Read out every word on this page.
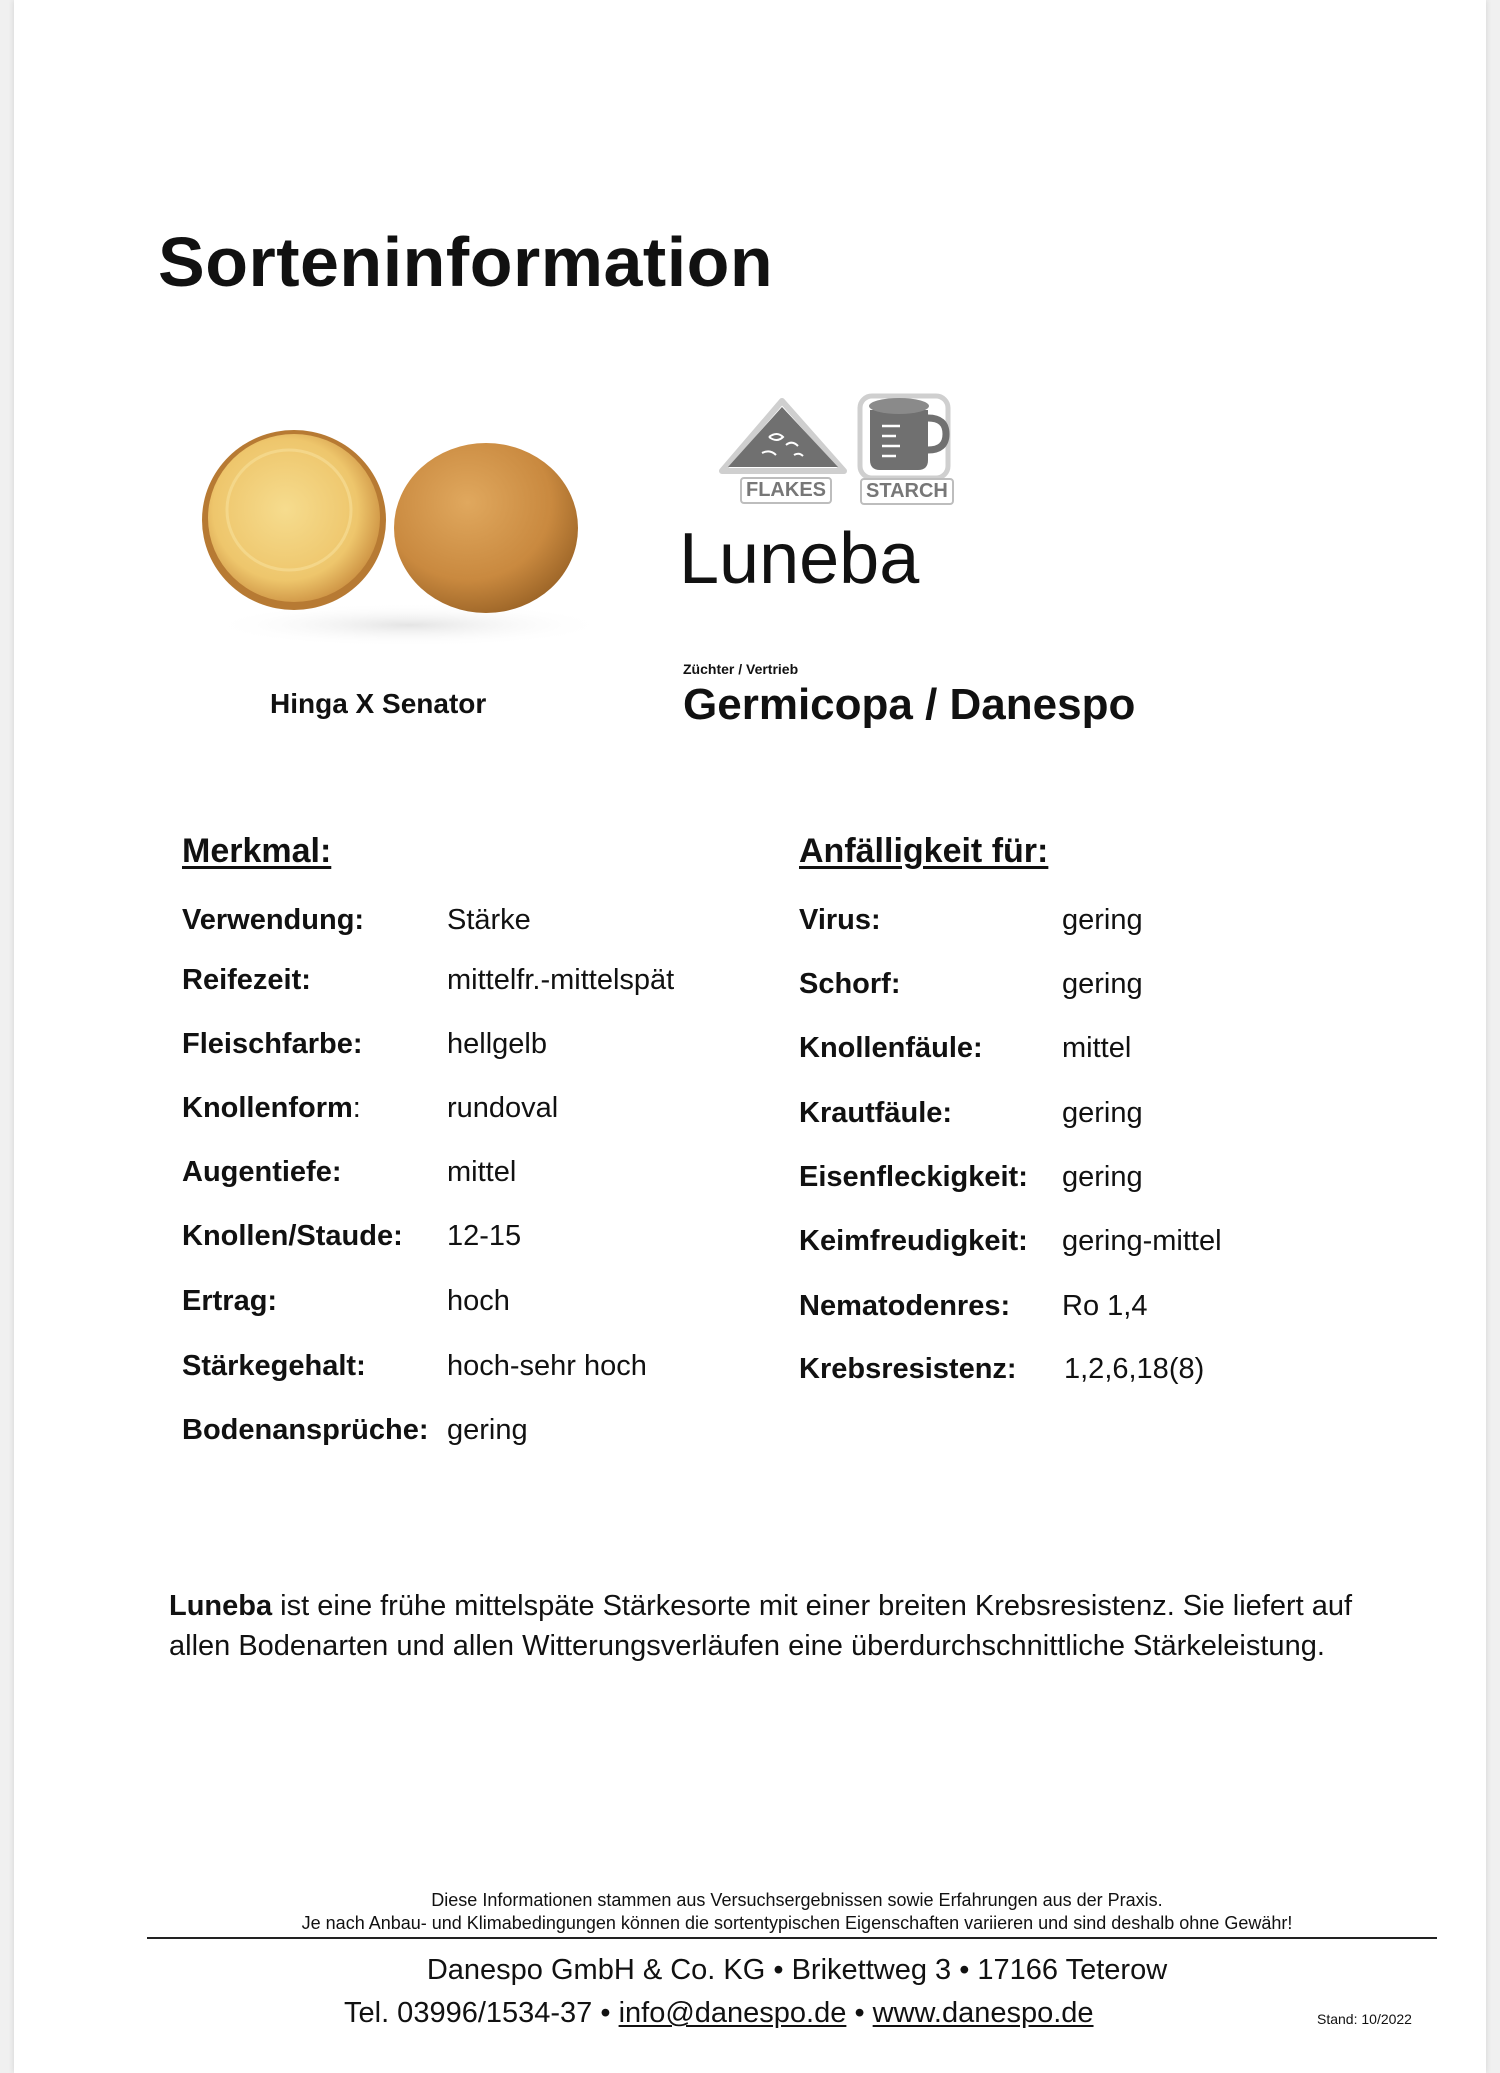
Sorteninformation
Hinga X Senator
FLAKES	STARCH
Luneba
Züchter / Vertrieb
Germicopa / Danespo
Merkmal:
Verwendung:	Stärke
Reifezeit:	mittelfr.-mittelspät
Fleischfarbe:	hellgelb
Knollenform:	rundoval
Augentiefe:	mittel
Knollen/Staude: 12-15
Ertrag:	hoch
Stärkegehalt:	hoch-sehr hoch
Bodenansprüche: gering
Anfälligkeit für:
Virus:	gering
Schorf:	gering
Knollenfäule:	mittel
Krautfäule:	gering
Eisenfleckigkeit: gering
Keimfreudigkeit: gering-mittel
Nematodenres: Ro 1,4
Krebsresistenz: 1,2,6,18(8)
Luneba ist eine frühe mittelspäte Stärkesorte mit einer breiten Krebsresistenz. Sie liefert auf allen Bodenarten und allen Witterungsverläufen eine überdurchschnittliche Stärkeleistung.
Diese Informationen stammen aus Versuchsergebnissen sowie Erfahrungen aus der Praxis.
Je nach Anbau- und Klimabedingungen können die sortentypischen Eigenschaften variieren und sind deshalb ohne Gewähr!
Danespo GmbH & Co. KG • Brikettweg 3 • 17166 Teterow
Tel. 03996/1534-37 • info@danespo.de • www.danespo.de	Stand: 10/2022
